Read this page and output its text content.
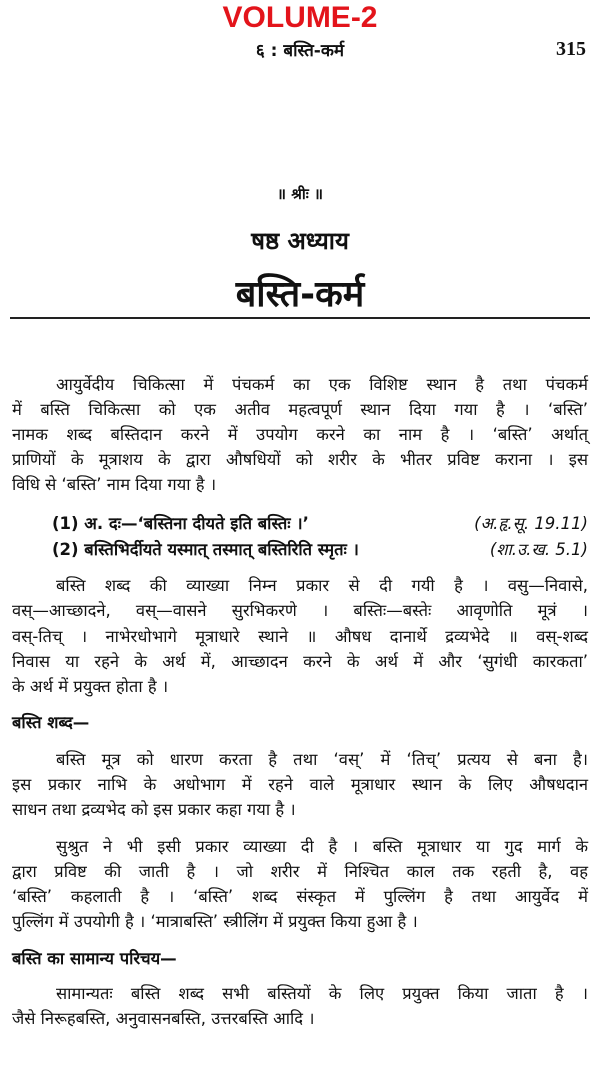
VOLUME-2
६ : बस्ति-कर्म	315
॥ श्रीः ॥
षष्ठ अध्याय
बस्ति-कर्म
आयुर्वेदीय चिकित्सा में पंचकर्म का एक विशिष्ट स्थान है तथा पंचकर्म
में बस्ति चिकित्सा को एक अतीव महत्वपूर्ण स्थान दिया गया है । ‘बस्ति’
नामक शब्द बस्तिदान करने में उपयोग करने का नाम है । ‘बस्ति’ अर्थात्
प्राणियों के मूत्राशय के द्वारा औषधियों को शरीर के भीतर प्रविष्ट कराना । इस
विधि से ‘बस्ति’ नाम दिया गया है ।
(1) अ. दः—‘बस्तिना दीयते इति बस्तिः ।’	(अ.हृ.सू. 19.11)
(2) बस्तिभिर्दीयते यस्मात् तस्मात् बस्तिरिति स्मृतः ।	(शा.उ.ख. 5.1)
बस्ति शब्द की व्याख्या निम्न प्रकार से दी गयी है । वसु—निवासे,
वस्—आच्छादने, वस्—वासने सुरभिकरणे । बस्तिः—बस्तेः आवृणोति मूत्रं ।
वस्-तिच् । नाभेरधोभागे मूत्राधारे स्थाने ॥ औषध दानार्थे द्रव्यभेदे ॥ वस्-शब्द
निवास या रहने के अर्थ में, आच्छादन करने के अर्थ में और ‘सुगंधी कारकता’
के अर्थ में प्रयुक्त होता है ।
बस्ति शब्द—
बस्ति मूत्र को धारण करता है तथा ‘वस्’ में ‘तिच्’ प्रत्यय से बना है।
इस प्रकार नाभि के अधोभाग में रहने वाले मूत्राधार स्थान के लिए औषधदान
साधन तथा द्रव्यभेद को इस प्रकार कहा गया है ।
सुश्रुत ने भी इसी प्रकार व्याख्या दी है । बस्ति मूत्राधार या गुद मार्ग के
द्वारा प्रविष्ट की जाती है । जो शरीर में निश्चित काल तक रहती है, वह
‘बस्ति’ कहलाती है । ‘बस्ति’ शब्द संस्कृत में पुल्लिंग है तथा आयुर्वेद में
पुल्लिंग में उपयोगी है । ‘मात्राबस्ति’ स्त्रीलिंग में प्रयुक्त किया हुआ है ।
बस्ति का सामान्य परिचय—
सामान्यतः बस्ति शब्द सभी बस्तियों के लिए प्रयुक्त किया जाता है ।
जैसे निरूहबस्ति, अनुवासनबस्ति, उत्तरबस्ति आदि ।
